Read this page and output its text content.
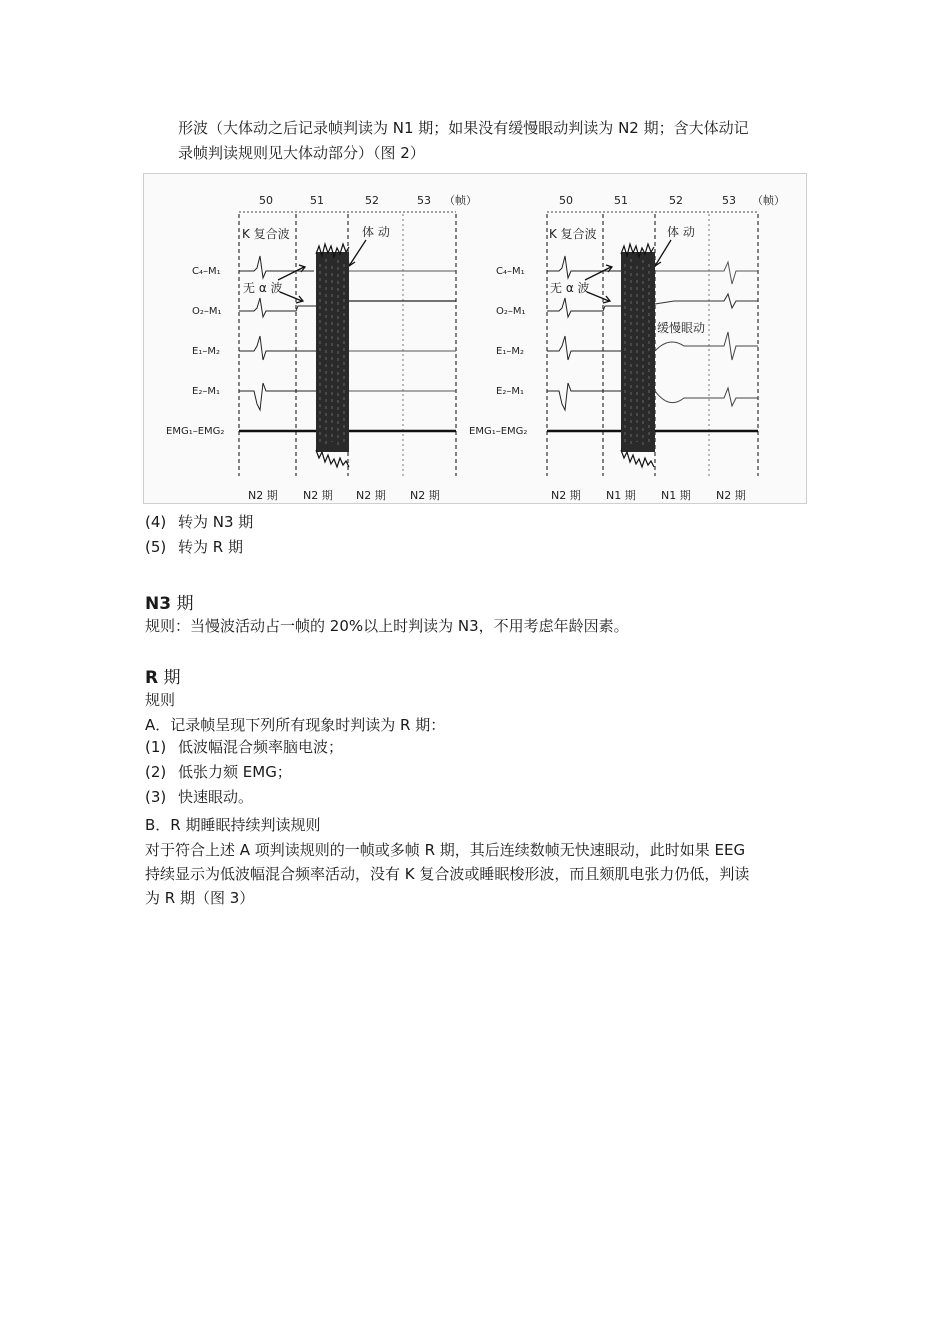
形波（大体动之后记录帧判读为 N1 期；如果没有缓慢眼动判读为 N2 期；含大体动记

录帧判读规则见大体动部分）（图 2）

50	51	52	53 （帧）
K 复合波
无 α 波
体 动
C₄–M₁
O₂–M₁
E₁–M₂
E₂–M₁
EMG₁–EMG₂
N2 期 N2 期 N2 期 N2 期
50	51	52	53 （帧）
K 复合波
无 α 波
体 动
缓慢眼动
C₄–M₁
O₂–M₁
E₁–M₂
E₂–M₁
EMG₁–EMG₂
N2 期 N1 期 N1 期 N2 期

(4) 转为 N3 期

(5) 转为 R 期

N3 期

规则：当慢波活动占一帧的 20%以上时判读为 N3，不用考虑年龄因素。

R 期

规则

A．记录帧呈现下列所有现象时判读为 R 期：

(1) 低波幅混合频率脑电波；

(2) 低张力颏 EMG；

(3) 快速眼动。

B．R 期睡眠持续判读规则

对于符合上述 A 项判读规则的一帧或多帧 R 期，其后连续数帧无快速眼动，此时如果 EEG

持续显示为低波幅混合频率活动，没有 K 复合波或睡眠梭形波，而且颏肌电张力仍低，判读

为 R 期（图 3）
